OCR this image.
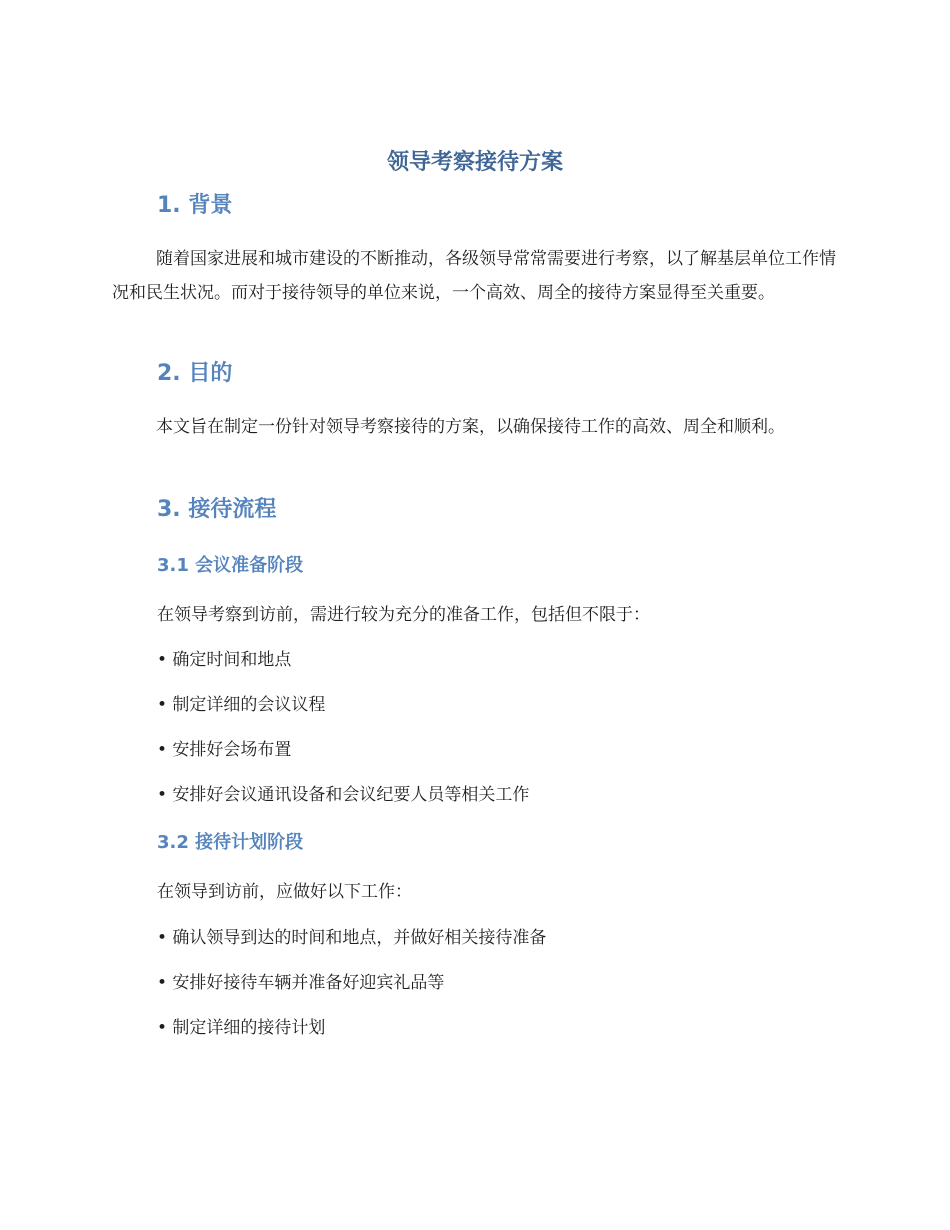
领导考察接待方案
1. 背景

随着国家进展和城市建设的不断推动，各级领导常常需要进行考察，以了解基层单位工作情况和民生状况。而对于接待领导的单位来说，一个高效、周全的接待方案显得至关重要。

2. 目的

本文旨在制定一份针对领导考察接待的方案，以确保接待工作的高效、周全和顺利。

3. 接待流程
3.1 会议准备阶段
在领导考察到访前，需进行较为充分的准备工作，包括但不限于：
• 确定时间和地点
• 制定详细的会议议程
• 安排好会场布置
• 安排好会议通讯设备和会议纪要人员等相关工作
3.2 接待计划阶段
在领导到访前，应做好以下工作：
• 确认领导到达的时间和地点，并做好相关接待准备
• 安排好接待车辆并准备好迎宾礼品等
• 制定详细的接待计划
